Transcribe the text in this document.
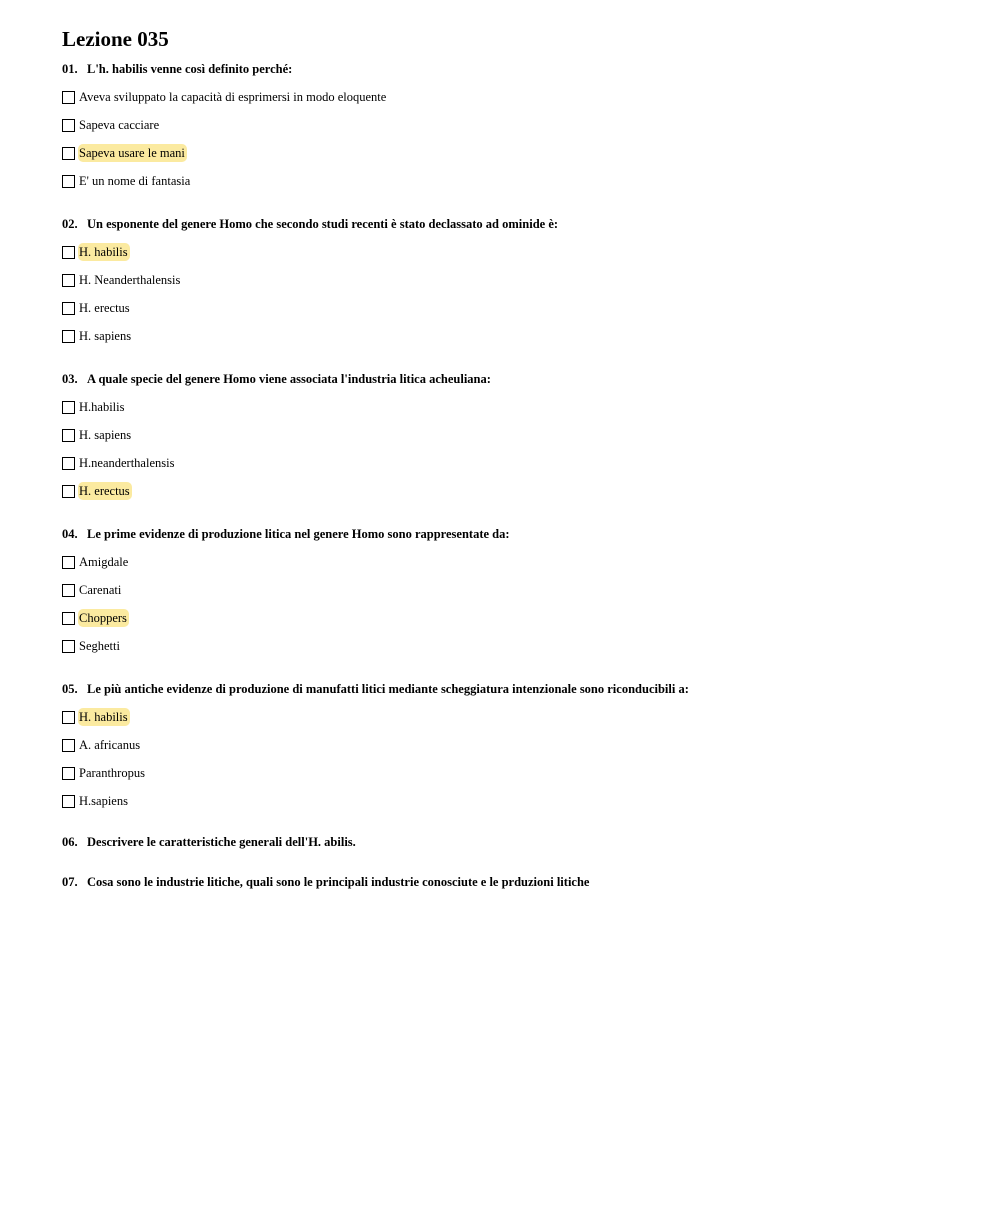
Lezione 035
01. L'h. habilis venne così definito perché:
Aveva sviluppato la capacità di esprimersi in modo eloquente
Sapeva cacciare
Sapeva usare le mani
E' un nome di fantasia
02. Un esponente del genere Homo che secondo studi recenti è stato declassato ad ominide è:
H. habilis
H. Neanderthalensis
H. erectus
H. sapiens
03. A quale specie del genere Homo viene associata l'industria litica acheuliana:
H.habilis
H. sapiens
H.neanderthalensis
H. erectus
04. Le prime evidenze di produzione litica nel genere Homo sono rappresentate da:
Amigdale
Carenati
Choppers
Seghetti
05. Le più antiche evidenze di produzione di manufatti litici mediante scheggiatura intenzionale sono riconducibili a:
H. habilis
A. africanus
Paranthropus
H.sapiens
06. Descrivere le caratteristiche generali dell'H. abilis.
07. Cosa sono le industrie litiche, quali sono le principali industrie conosciute e le prduzioni litiche
